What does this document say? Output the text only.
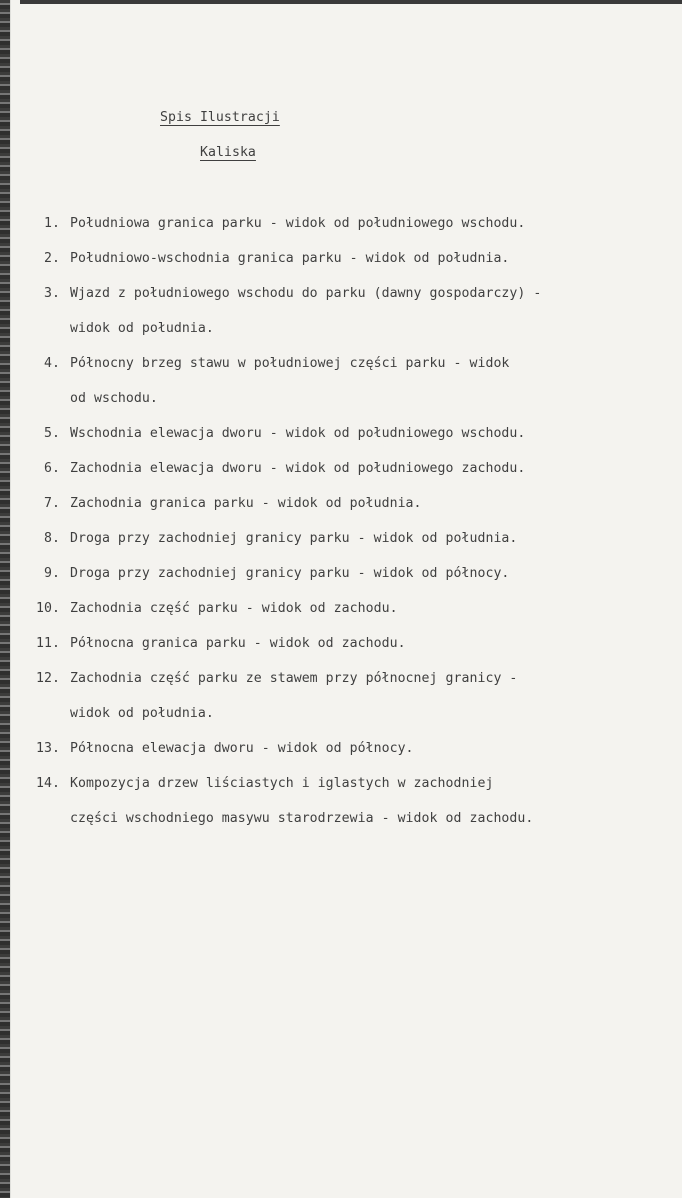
Spis Ilustracji
Kaliska
1. Południowa granica parku - widok od południowego wschodu.
2. Południowo-wschodnia granica parku - widok od południa.
3. Wjazd z południowego wschodu do parku (dawny gospodarczy) -
widok od południa.
4. Północny brzeg stawu w południowej części parku - widok
od wschodu.
5. Wschodnia elewacja dworu - widok od południowego wschodu.
6. Zachodnia elewacja dworu - widok od południowego zachodu.
7. Zachodnia granica parku - widok od południa.
8. Droga przy zachodniej granicy parku - widok od południa.
9. Droga przy zachodniej granicy parku - widok od północy.
10. Zachodnia część parku - widok od zachodu.
11. Północna granica parku - widok od zachodu.
12. Zachodnia część parku ze stawem przy północnej granicy -
widok od południa.
13. Północna elewacja dworu - widok od północy.
14. Kompozycja drzew liściastych i iglastych w zachodniej
części wschodniego masywu starodrzewia - widok od zachodu.
